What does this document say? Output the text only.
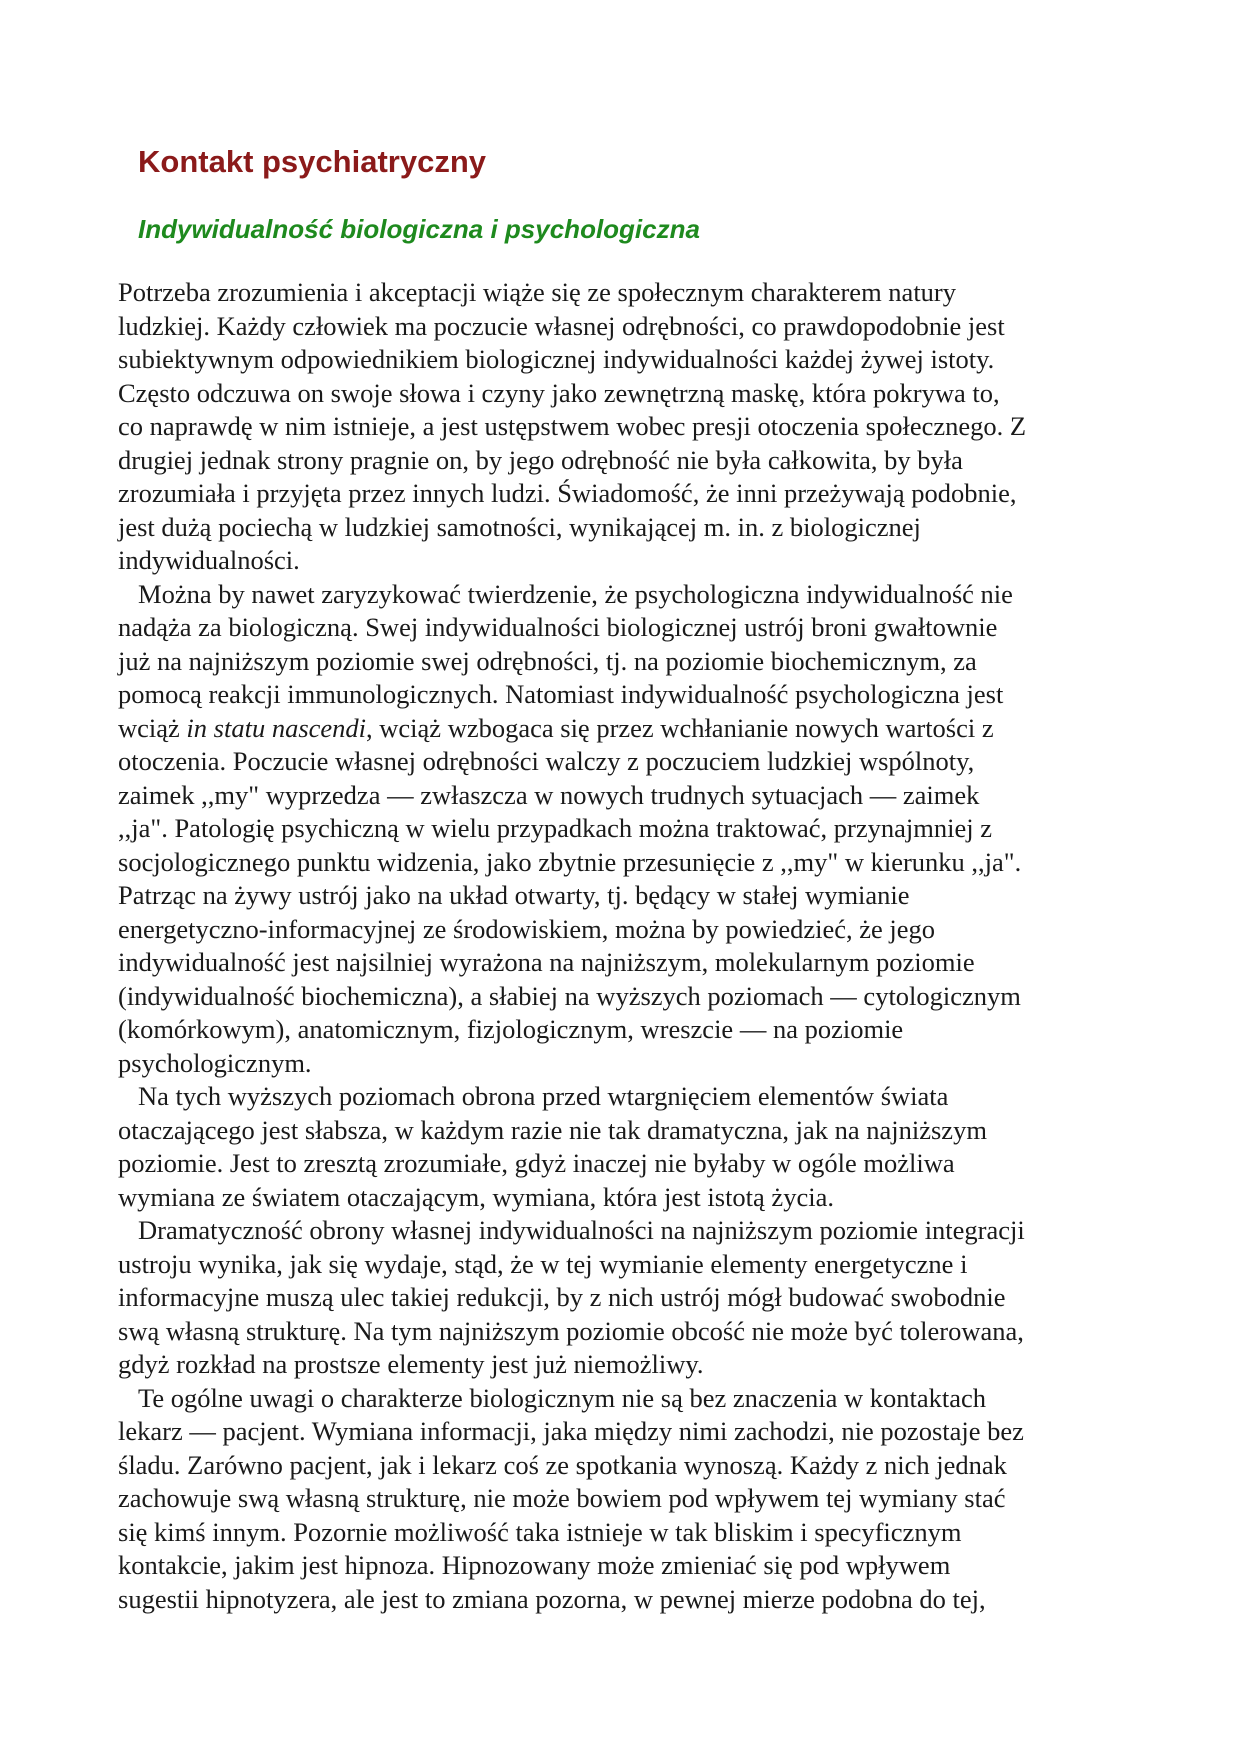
Kontakt psychiatryczny
Indywidualność biologiczna i psychologiczna
Potrzeba zrozumienia i akceptacji wiąże się ze społecznym charakterem natury
ludzkiej. Każdy człowiek ma poczucie własnej odrębności, co prawdopodobnie jest
subiektywnym odpowiednikiem biologicznej indywidualności każdej żywej istoty.
Często odczuwa on swoje słowa i czyny jako zewnętrzną maskę, która pokrywa to,
co naprawdę w nim istnieje, a jest ustępstwem wobec presji otoczenia społecznego. Z
drugiej jednak strony pragnie on, by jego odrębność nie była całkowita, by była
zrozumiała i przyjęta przez innych ludzi. Świadomość, że inni przeżywają podobnie,
jest dużą pociechą w ludzkiej samotności, wynikającej m. in. z biologicznej
indywidualności.
Można by nawet zaryzykować twierdzenie, że psychologiczna indywidualność nie
nadąża za biologiczną. Swej indywidualności biologicznej ustrój broni gwałtownie
już na najniższym poziomie swej odrębności, tj. na poziomie biochemicznym, za
pomocą reakcji immunologicznych. Natomiast indywidualność psychologiczna jest
wciąż in statu nascendi, wciąż wzbogaca się przez wchłanianie nowych wartości z
otoczenia. Poczucie własnej odrębności walczy z poczuciem ludzkiej wspólnoty,
zaimek ,,my" wyprzedza — zwłaszcza w nowych trudnych sytuacjach — zaimek
,,ja". Patologię psychiczną w wielu przypadkach można traktować, przynajmniej z
socjologicznego punktu widzenia, jako zbytnie przesunięcie z ,,my" w kierunku ,,ja".
Patrząc na żywy ustrój jako na układ otwarty, tj. będący w stałej wymianie
energetyczno-informacyjnej ze środowiskiem, można by powiedzieć, że jego
indywidualność jest najsilniej wyrażona na najniższym, molekularnym poziomie
(indywidualność biochemiczna), a słabiej na wyższych poziomach — cytologicznym
(komórkowym), anatomicznym, fizjologicznym, wreszcie — na poziomie
psychologicznym.
Na tych wyższych poziomach obrona przed wtargnięciem elementów świata
otaczającego jest słabsza, w każdym razie nie tak dramatyczna, jak na najniższym
poziomie. Jest to zresztą zrozumiałe, gdyż inaczej nie byłaby w ogóle możliwa
wymiana ze światem otaczającym, wymiana, która jest istotą życia.
Dramatyczność obrony własnej indywidualności na najniższym poziomie integracji
ustroju wynika, jak się wydaje, stąd, że w tej wymianie elementy energetyczne i
informacyjne muszą ulec takiej redukcji, by z nich ustrój mógł budować swobodnie
swą własną strukturę. Na tym najniższym poziomie obcość nie może być tolerowana,
gdyż rozkład na prostsze elementy jest już niemożliwy.
Te ogólne uwagi o charakterze biologicznym nie są bez znaczenia w kontaktach
lekarz — pacjent. Wymiana informacji, jaka między nimi zachodzi, nie pozostaje bez
śladu. Zarówno pacjent, jak i lekarz coś ze spotkania wynoszą. Każdy z nich jednak
zachowuje swą własną strukturę, nie może bowiem pod wpływem tej wymiany stać
się kimś innym. Pozornie możliwość taka istnieje w tak bliskim i specyficznym
kontakcie, jakim jest hipnoza. Hipnozowany może zmieniać się pod wpływem
sugestii hipnotyzera, ale jest to zmiana pozorna, w pewnej mierze podobna do tej,
